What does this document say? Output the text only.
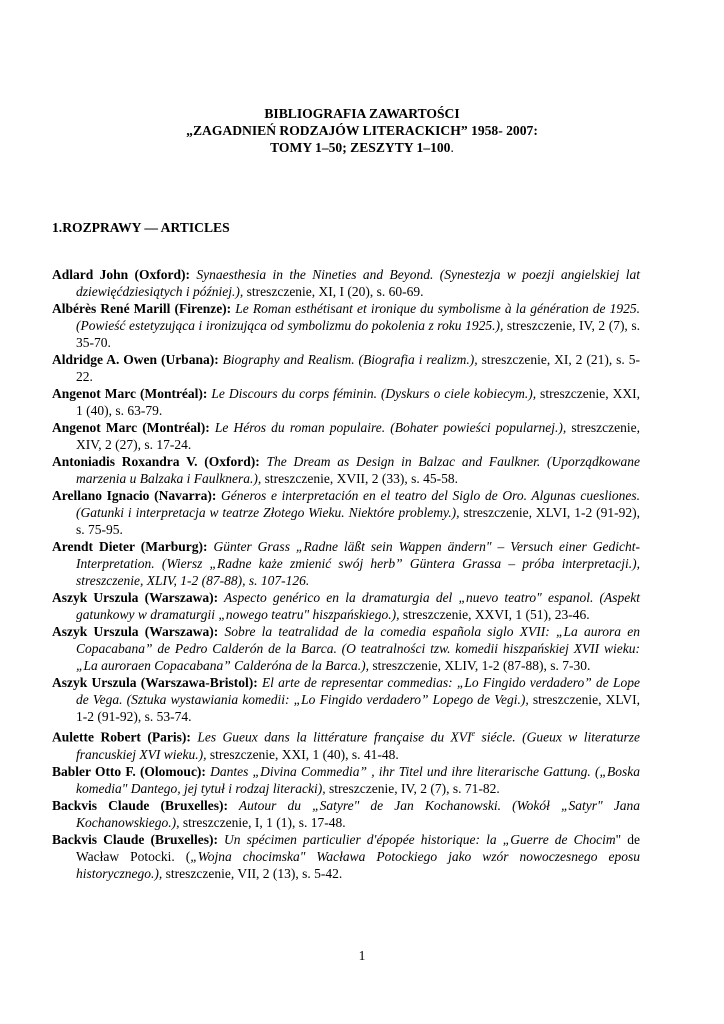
BIBLIOGRAFIA ZAWARTOŚCI
„ZAGADNIEŃ RODZAJÓW LITERACKICH” 1958- 2007:
TOMY 1–50; ZESZYTY 1–100.
1.ROZPRAWY — ARTICLES

Adlard John (Oxford): Synaesthesia in the Nineties and Beyond. (Synestezja w poezji angielskiej lat dziewięćdziesiątych i później.), streszczenie, XI, I (20), s. 60-69.

Albérès René Marill (Firenze): Le Roman esthétisant et ironique du symbolisme à la génération de 1925. (Powieść estetyzująca i ironizująca od symbolizmu do pokolenia z roku 1925.), streszczenie, IV, 2 (7), s. 35-70.

Aldridge A. Owen (Urbana): Biography and Realism. (Biografia i realizm.), streszczenie, XI, 2 (21), s. 5-22.

Angenot Marc (Montréal): Le Discours du corps féminin. (Dyskurs o ciele kobiecym.), streszczenie, XXI, 1 (40), s. 63-79.

Angenot Marc (Montréal): Le Héros du roman populaire. (Bohater powieści popularnej.), streszczenie, XIV, 2 (27), s. 17-24.

Antoniadis Roxandra V. (Oxford): The Dream as Design in Balzac and Faulkner. (Uporządkowane marzenia u Balzaka i Faulknera.), streszczenie, XVII, 2 (33), s. 45-58.

Arellano Ignacio (Navarra): Géneros e interpretación en el teatro del Siglo de Oro. Algunas cuesliones. (Gatunki i interpretacja w teatrze Złotego Wieku. Niektóre problemy.), streszczenie, XLVI, 1-2 (91-92), s. 75-95.

Arendt Dieter (Marburg): Günter Grass „Radne läßt sein Wappen ändern" – Versuch einer Gedicht-Interpretation. (Wiersz „Radne każe zmienić swój herb” Güntera Grassa – próba interpretacji.), streszczenie, XLIV, 1-2 (87-88), s. 107-126.

Aszyk Urszula (Warszawa): Aspecto genérico en la dramaturgia del „nuevo teatro" espanol. (Aspekt gatunkowy w dramaturgii „nowego teatru" hiszpańskiego.), streszczenie, XXVI, 1 (51), 23-46.

Aszyk Urszula (Warszawa): Sobre la teatralidad de la comedia española siglo XVII: „La aurora en Copacabana” de Pedro Calderón de la Barca. (O teatralności tzw. komedii hiszpańskiej XVII wieku: „La auroraen Copacabana” Calderóna de la Barca.), streszczenie, XLIV, 1-2 (87-88), s. 7-30.

Aszyk Urszula (Warszawa-Bristol): El arte de representar commedias: „Lo Fingido verdadero” de Lope de Vega. (Sztuka wystawiania komedii: „Lo Fingido verdadero” Lopego de Vegi.), streszczenie, XLVI, 1-2 (91-92), s. 53-74.

Aulette Robert (Paris): Les Gueux dans la littérature française du XVIe siécle. (Gueux w literaturze francuskiej XVI wieku.), streszczenie, XXI, 1 (40), s. 41-48.

Babler Otto F. (Olomouc): Dantes „Divina Commedia” , ihr Titel und ihre literarische Gattung. („Boska komedia" Dantego, jej tytuł i rodzaj literacki), streszczenie, IV, 2 (7), s. 71-82.

Backvis Claude (Bruxelles): Autour du „Satyre" de Jan Kochanowski. (Wokół „Satyr" Jana Kochanowskiego.), streszczenie, I, 1 (1), s. 17-48.

Backvis Claude (Bruxelles): Un spécimen particulier d'épopée historique: la „Guerre de Chocim" de Wacław Potocki. („Wojna chocimska" Wacława Potockiego jako wzór nowoczesnego eposu historycznego.), streszczenie, VII, 2 (13), s. 5-42.

1
